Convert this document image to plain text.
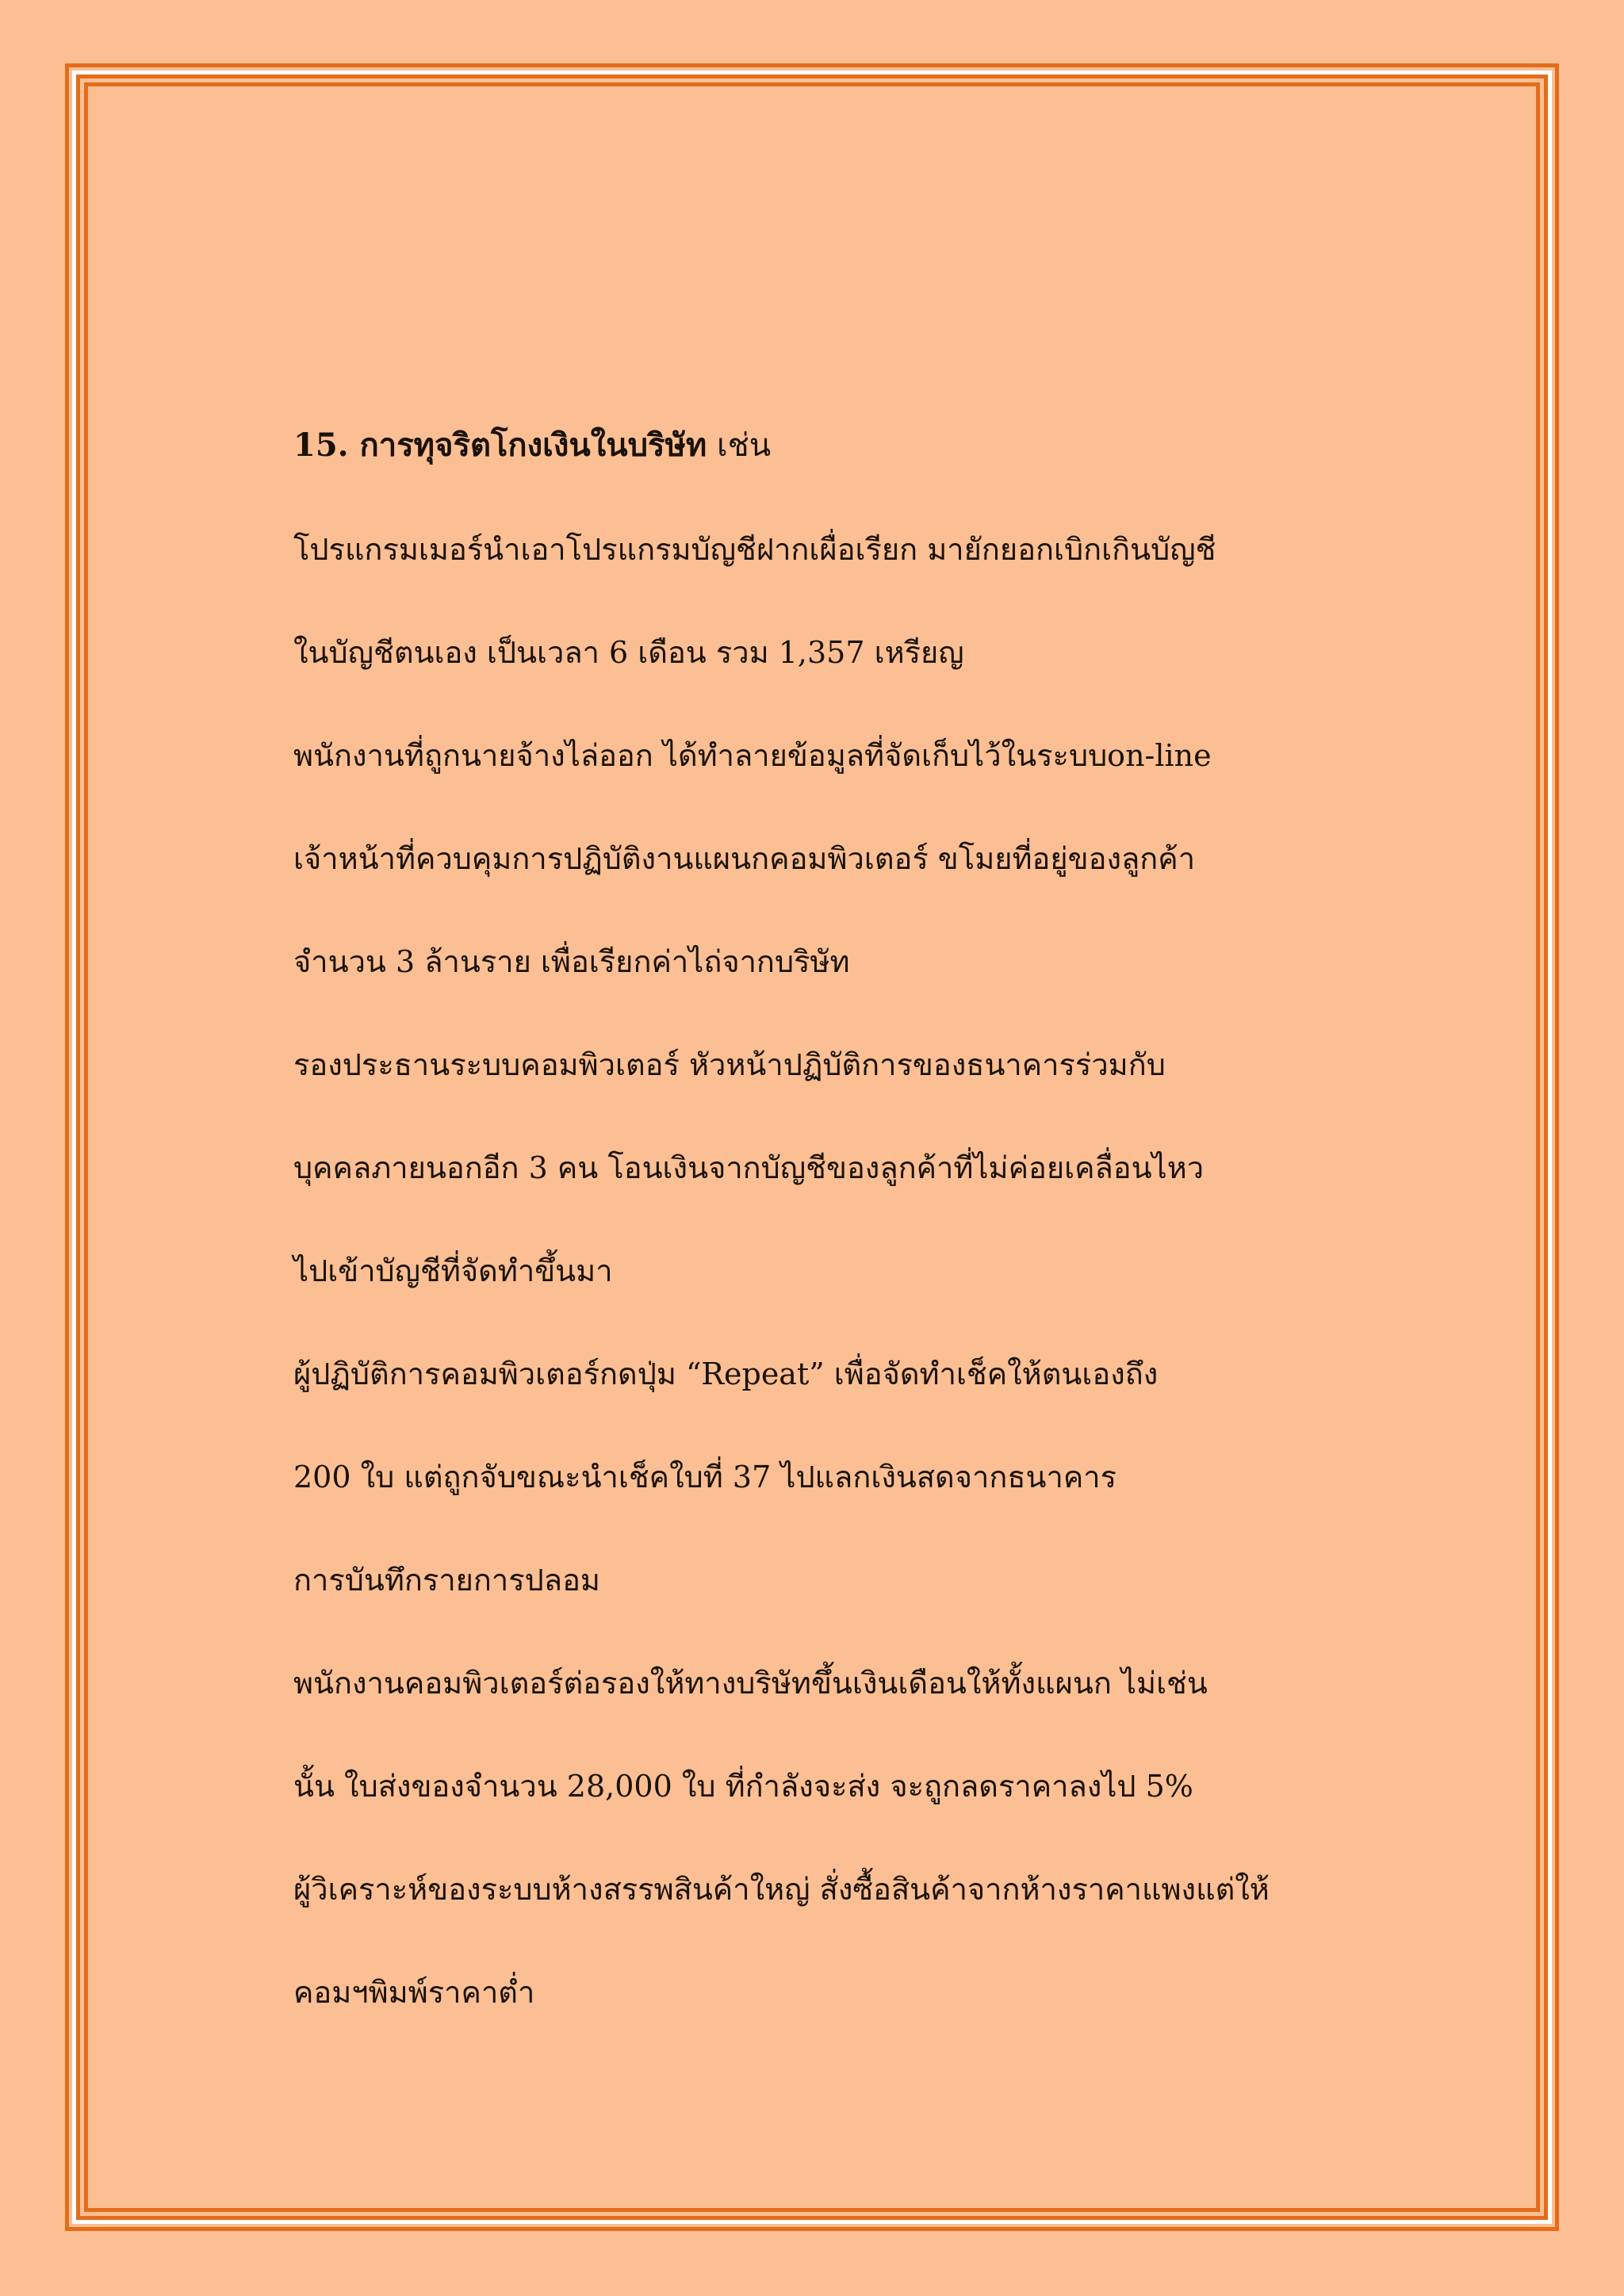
15. การทุจริตโกงเงินในบริษัท เช่น
โปรแกรมเมอร์นำเอาโปรแกรมบัญชีฝากเผื่อเรียก มายักยอกเบิกเกินบัญชี
ในบัญชีตนเอง เป็นเวลา 6 เดือน รวม 1,357 เหรียญ
พนักงานที่ถูกนายจ้างไล่ออก ได้ทำลายข้อมูลที่จัดเก็บไว้ในระบบon-line
เจ้าหน้าที่ควบคุมการปฏิบัติงานแผนกคอมพิวเตอร์ ขโมยที่อยู่ของลูกค้า
จำนวน 3 ล้านราย เพื่อเรียกค่าไถ่จากบริษัท
รองประธานระบบคอมพิวเตอร์ หัวหน้าปฏิบัติการของธนาคารร่วมกับ
บุคคลภายนอกอีก 3 คน โอนเงินจากบัญชีของลูกค้าที่ไม่ค่อยเคลื่อนไหว
ไปเข้าบัญชีที่จัดทำขึ้นมา
ผู้ปฏิบัติการคอมพิวเตอร์กดปุ่ม “Repeat” เพื่อจัดทำเช็คให้ตนเองถึง
200 ใบ แต่ถูกจับขณะนำเช็คใบที่ 37 ไปแลกเงินสดจากธนาคาร
การบันทึกรายการปลอม
พนักงานคอมพิวเตอร์ต่อรองให้ทางบริษัทขึ้นเงินเดือนให้ทั้งแผนก ไม่เช่น
นั้น ใบส่งของจำนวน 28,000 ใบ ที่กำลังจะส่ง จะถูกลดราคาลงไป 5%
ผู้วิเคราะห์ของระบบห้างสรรพสินค้าใหญ่ สั่งซื้อสินค้าจากห้างราคาแพงแต่ให้
คอมฯพิมพ์ราคาต่ำ
